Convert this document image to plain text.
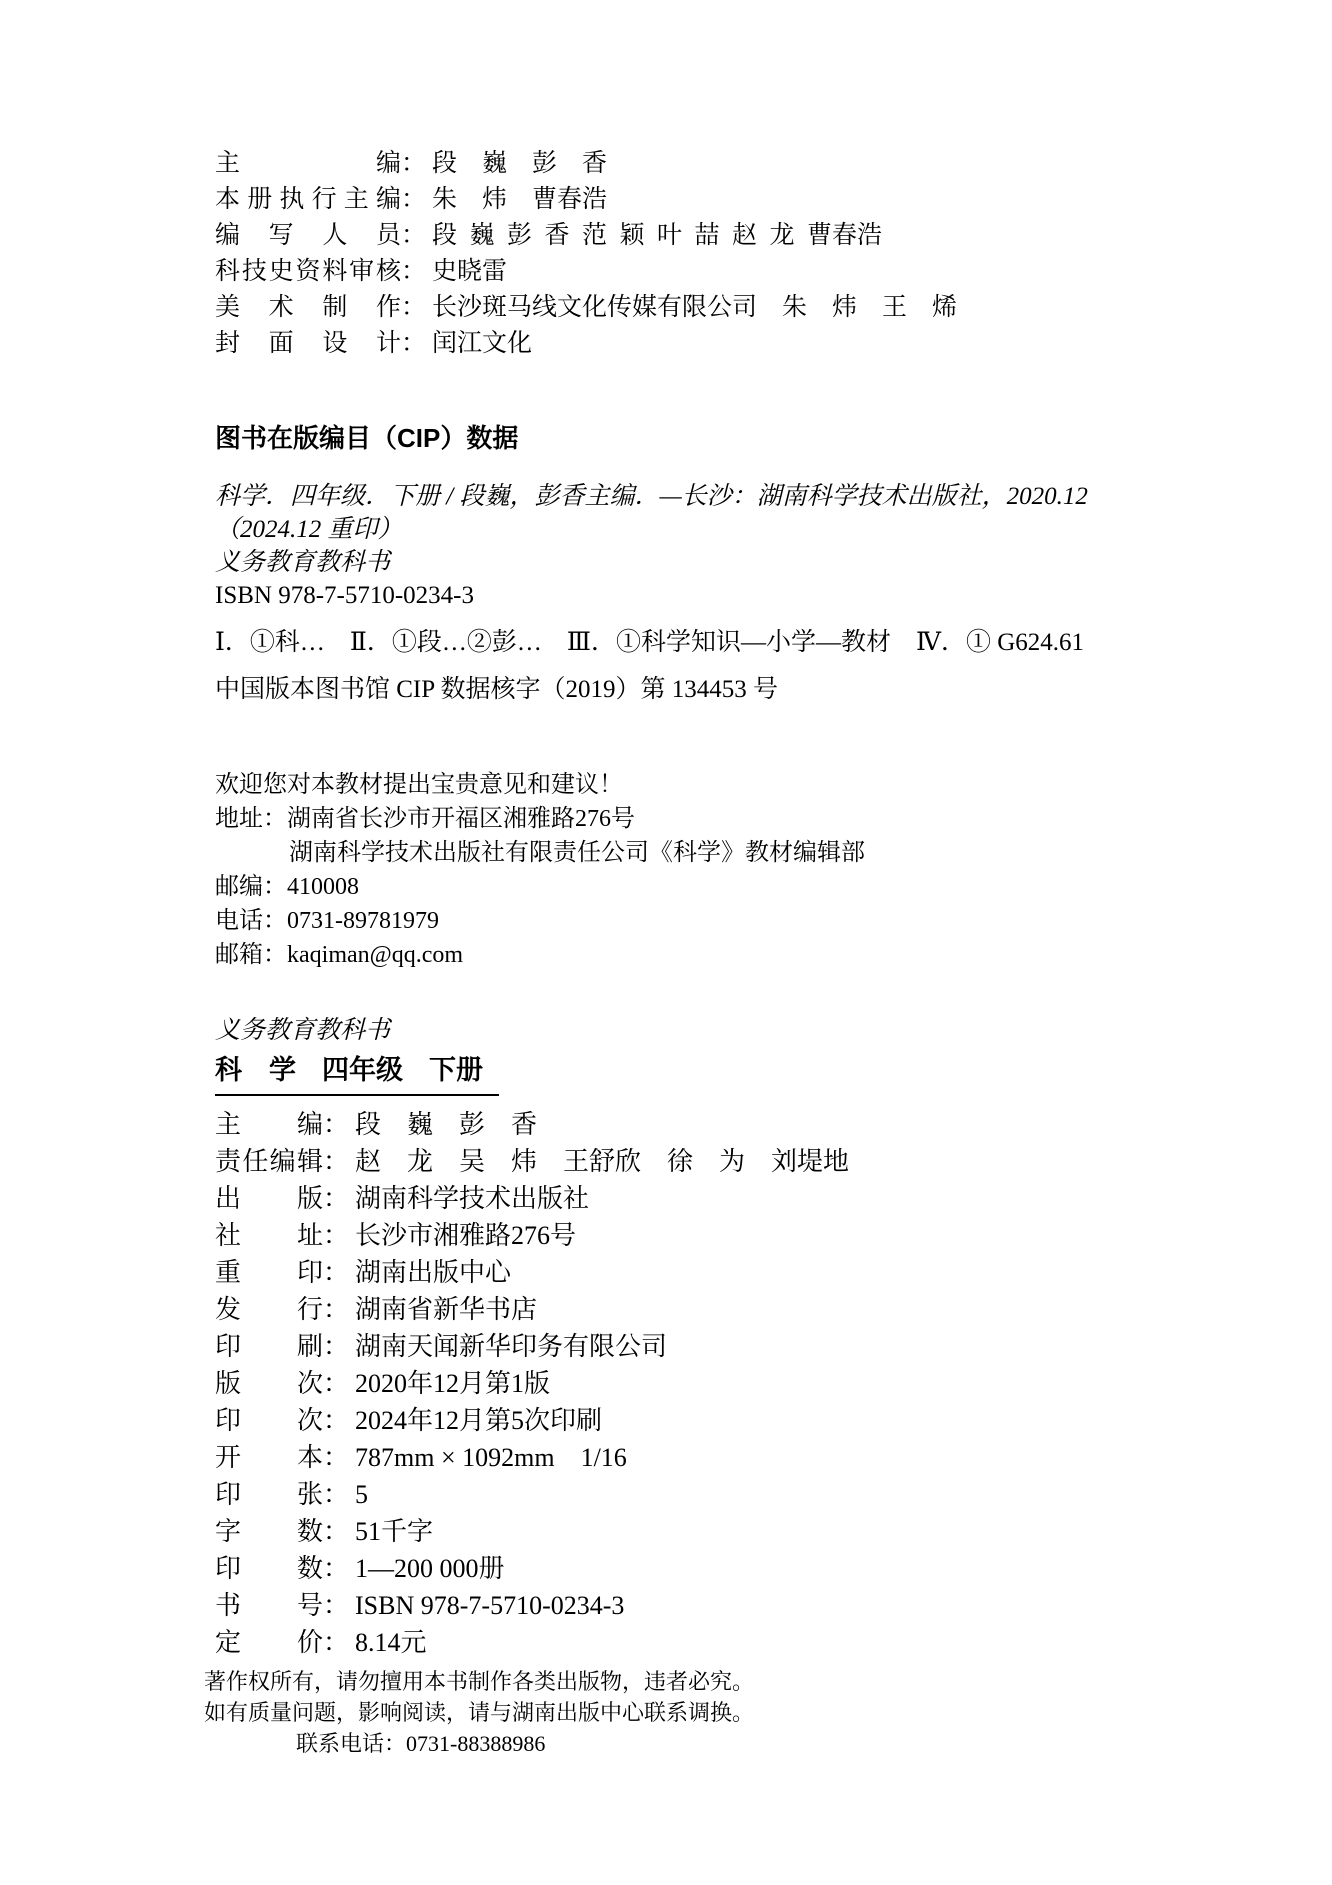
主　　　　　编 ： 段　巍　彭　香
本册执行主编 ： 朱　炜　曹春浩
编　写　人　员 ： 段 巍 彭 香 范 颖 叶 喆 赵 龙 曹春浩
科技史资料审核 ： 史晓雷
美　术　制　作 ： 长沙斑马线文化传媒有限公司　朱　炜　王　烯
封　面　设　计 ： 闰江文化
图书在版编目（CIP）数据
科学．四年级．下册 / 段巍，彭香主编．—长沙：湖南科学技术出版社，2020.12
（2024.12 重印）
义务教育教科书
ISBN 978-7-5710-0234-3
Ⅰ．①科…　Ⅱ．①段…②彭…　Ⅲ．①科学知识—小学—教材　Ⅳ．① G624.61
中国版本图书馆 CIP 数据核字（2019）第 134453 号
欢迎您对本教材提出宝贵意见和建议！
地址：湖南省长沙市开福区湘雅路276号
湖南科学技术出版社有限责任公司《科学》教材编辑部
邮编：410008
电话：0731-89781979
邮箱：kaqiman@qq.com
义务教育教科书
科　学 四年级 下册
主　　编 ： 段　巍　彭　香
责任编辑 ： 赵　龙　吴　炜　王舒欣　徐　为　刘堤地
出　　版 ： 湖南科学技术出版社
社　　址 ： 长沙市湘雅路276号
重　　印 ： 湖南出版中心
发　　行 ： 湖南省新华书店
印　　刷 ： 湖南天闻新华印务有限公司
版　　次 ： 2020年12月第1版
印　　次 ： 2024年12月第5次印刷
开　　本 ： 787mm × 1092mm　1/16
印　　张 ： 5
字　　数 ： 51千字
印　　数 ： 1—200 000册
书　　号 ： ISBN 978-7-5710-0234-3
定　　价 ： 8.14元
著作权所有，请勿擅用本书制作各类出版物，违者必究。
如有质量问题，影响阅读，请与湖南出版中心联系调换。
联系电话：0731-88388986
